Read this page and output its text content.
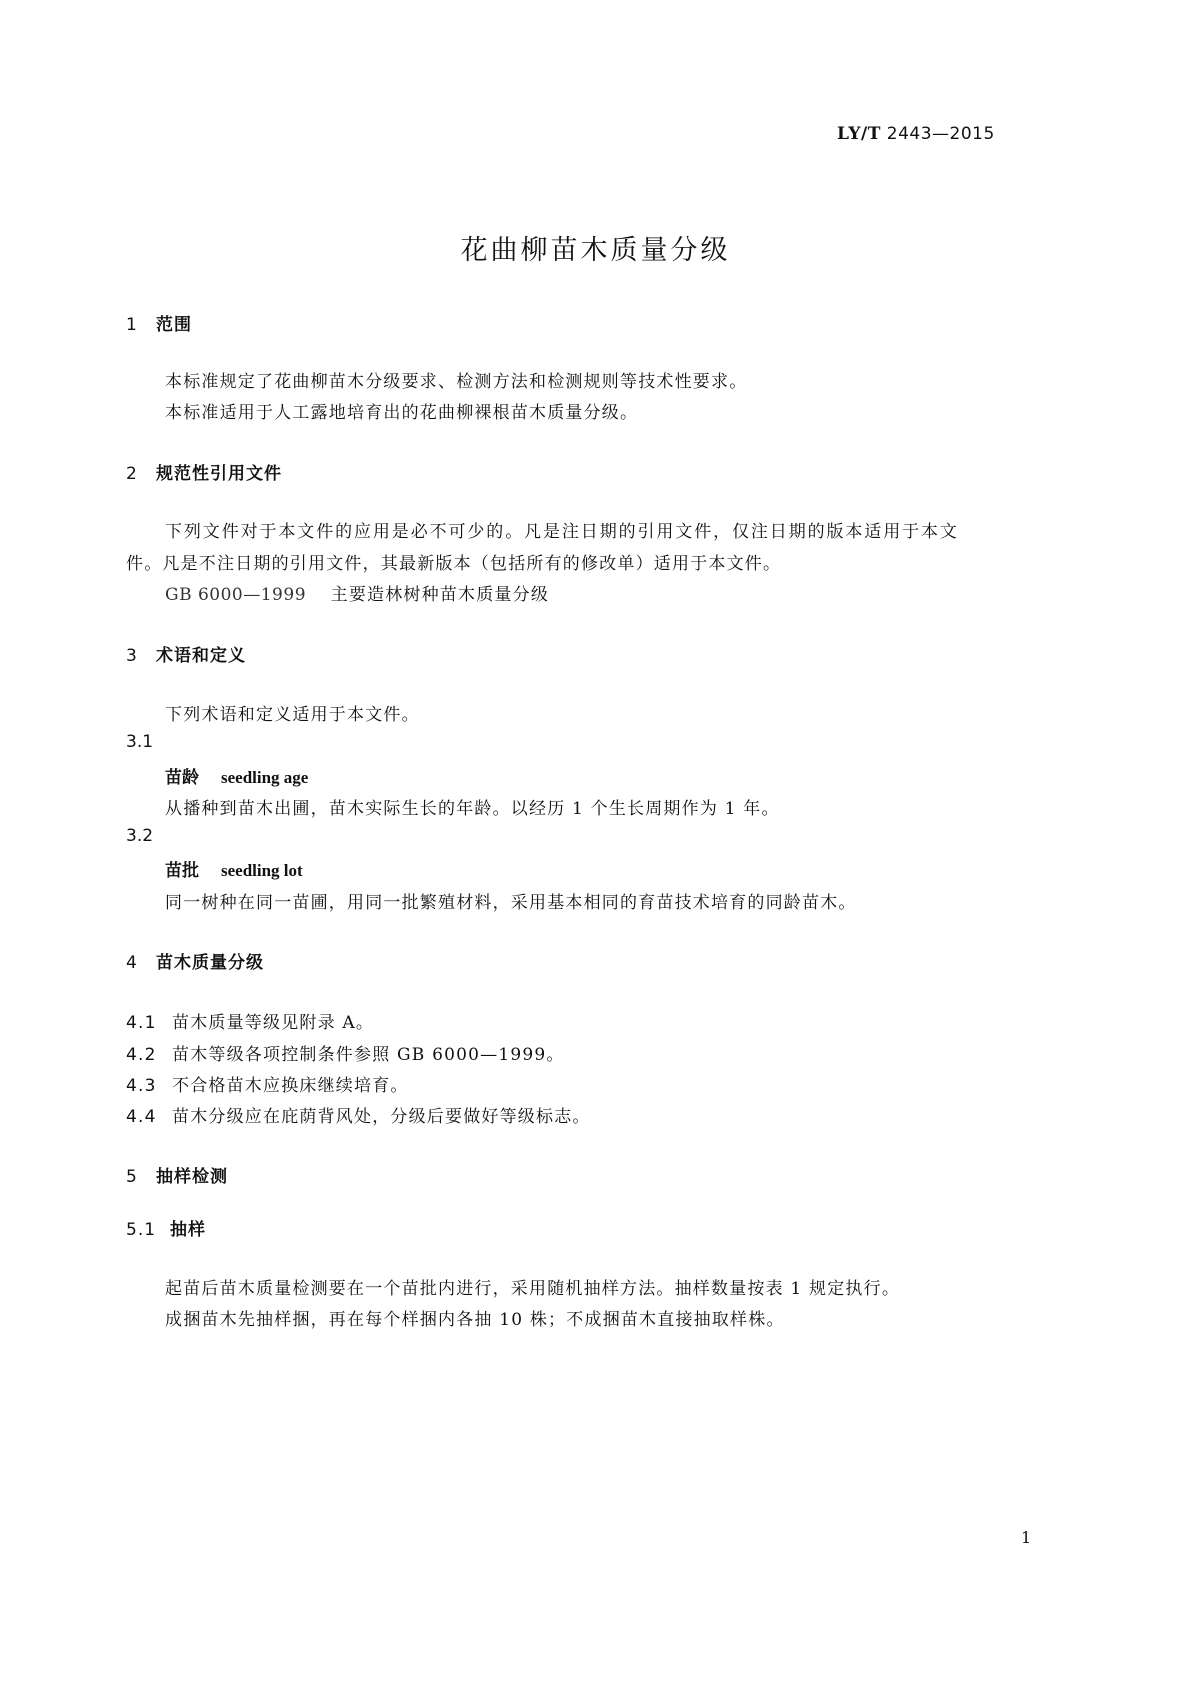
LY/T 2443—2015
花曲柳苗木质量分级
1 范围
本标准规定了花曲柳苗木分级要求、检测方法和检测规则等技术性要求。
本标准适用于人工露地培育出的花曲柳裸根苗木质量分级。
2 规范性引用文件
下列文件对于本文件的应用是必不可少的。凡是注日期的引用文件，仅注日期的版本适用于本文
件。凡是不注日期的引用文件，其最新版本（包括所有的修改单）适用于本文件。
GB 6000—1999 主要造林树种苗木质量分级
3 术语和定义
下列术语和定义适用于本文件。
3.1
苗龄 seedling age
从播种到苗木出圃，苗木实际生长的年龄。以经历 1 个生长周期作为 1 年。
3.2
苗批 seedling lot
同一树种在同一苗圃，用同一批繁殖材料，采用基本相同的育苗技术培育的同龄苗木。
4 苗木质量分级
4.1 苗木质量等级见附录 A。
4.2 苗木等级各项控制条件参照 GB 6000—1999。
4.3 不合格苗木应换床继续培育。
4.4 苗木分级应在庇荫背风处，分级后要做好等级标志。
5 抽样检测
5.1 抽样
起苗后苗木质量检测要在一个苗批内进行，采用随机抽样方法。抽样数量按表 1 规定执行。
成捆苗木先抽样捆，再在每个样捆内各抽 10 株；不成捆苗木直接抽取样株。
1
